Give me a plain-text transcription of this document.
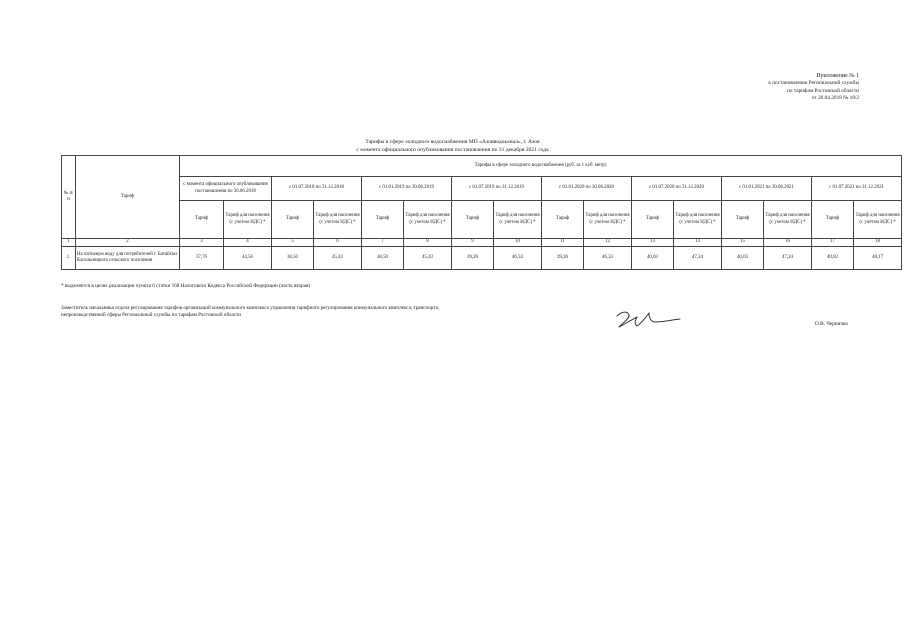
Приложение № 1
к постановлению Региональной службы
по тарифам Ростовской области
от 20.04.2018 № 18/2
Тарифы в сфере холодного водоснабжения МП «Азовводоканал», г. Азов
с момента официального опубликования постановления по 31 декабря 2021 года
№ п/п	Тариф	Тарифы в сфере холодного водоснабжения (руб. за 1 куб. метр)															
		с момента официального опубликования постановления по 30.06.2018		с 01.07.2018 по 31.12.2018		с 01.01.2019 по 30.06.2019		с 01.07.2019 по 31.12.2019		с 01.01.2020 по 30.06.2020		с 01.07.2020 по 31.12.2020		с 01.01.2021 по 30.06.2021		с 01.07.2021 по 31.12.2021	
		Тариф	Тариф для населения (с учетом НДС) *	Тариф	Тариф для населения (с учетом НДС) *	Тариф	Тариф для населения (с учетом НДС) *	Тариф	Тариф для населения (с учетом НДС) *	Тариф	Тариф для населения (с учетом НДС) *	Тариф	Тариф для населения (с учетом НДС) *	Тариф	Тариф для населения (с учетом НДС) *	Тариф	Тариф для населения (с учетом НДС) *
1	2	3	4	5	6	7	8	9	10	11	12	13	14	15	16	17	18
1.	На питьевую воду для потребителей г. Батайски Кагальницкого сельского поселения	37,76	44,56	38,50	45,43	38,50	45,43	39,26	46,33	39,26	46,33	40,03	47,24	40,03	47,24	40,82	48,17
* выделяется в целях реализации пункта 6 статьи 168 Налогового Кодекса Российской Федерации (часть вторая)
Заместитель начальника отдела регулирования тарифов организаций коммунального комплекса управления тарифного регулирования коммунального комплекса, транспорта,
непроизводственной сферы Региональной службы по тарифам Ростовской области
О.В. Черничко
